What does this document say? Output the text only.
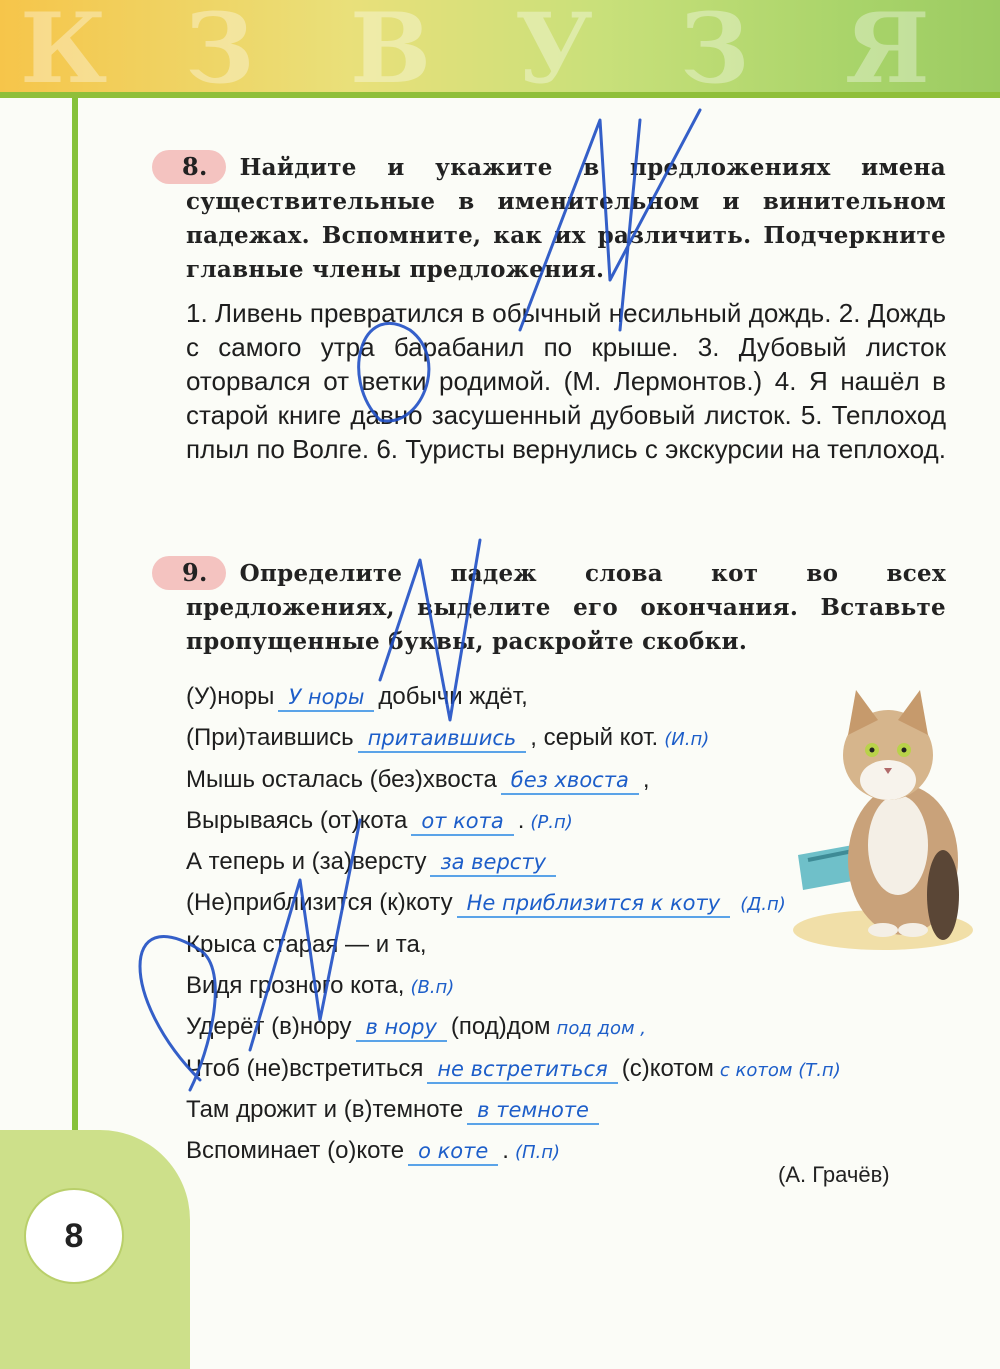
К З В У З Я
8
8. Найдите и укажите в предложениях имена существительные в именительном и винительном падежах. Вспомните, как их различить. Подчеркните главные члены предложения.
1. Ливень превратился в обычный несильный дождь. 2. Дождь с самого утра барабанил по крыше. 3. Дубовый листок оторвался от ветки родимой. (М. Лермонтов.) 4. Я нашёл в старой книге давно засушенный дубовый листок. 5. Теплоход плыл по Волге. 6. Туристы вернулись с экскурсии на теплоход.
9. Определите падеж слова кот во всех предложениях, выделите его окончания. Вставьте пропущенные буквы, раскройте скобки.
(У)норы У норы добычи ждёт,
(При)тaившись притаившись , серый кот. (И.п)
Мышь осталась (без)хвоста без хвоста ,
Вырываясь (от)кота от кота . (Р.п)
А теперь и (за)версту за версту
(Не)приблизится (к)коту Не приблизится к коту (Д.п)
Крыса старая — и та,
Видя грозного кота, (В.п)
Удерёт (в)нору в нору (под)дом под дом ,
Чтоб (не)встретиться не встретиться (с)котом с котом (Т.п)
Там дрожит и (в)темноте в темноте
Вспоминает (о)коте о коте . (П.п)
(А. Грачёв)
